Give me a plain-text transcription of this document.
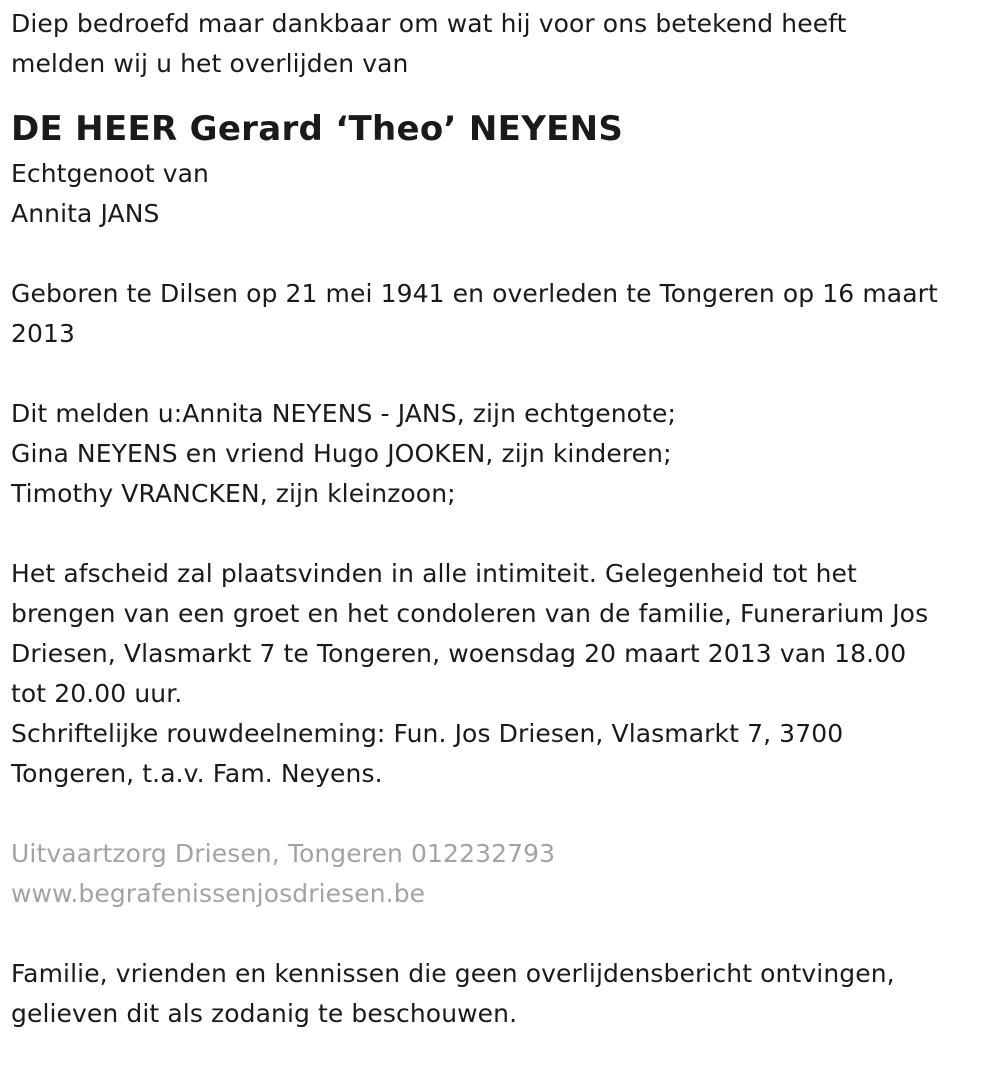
Diep bedroefd maar dankbaar om wat hij voor ons betekend heeft
melden wij u het overlijden van
DE HEER Gerard ‘Theo’ NEYENS
Echtgenoot van
Annita JANS
Geboren te Dilsen op 21 mei 1941 en overleden te Tongeren op 16 maart
2013
Dit melden u:Annita NEYENS - JANS, zijn echtgenote;
Gina NEYENS en vriend Hugo JOOKEN, zijn kinderen;
Timothy VRANCKEN, zijn kleinzoon;
Het afscheid zal plaatsvinden in alle intimiteit. Gelegenheid tot het
brengen van een groet en het condoleren van de familie, Funerarium Jos
Driesen, Vlasmarkt 7 te Tongeren, woensdag 20 maart 2013 van 18.00
tot 20.00 uur.
Schriftelijke rouwdeelneming: Fun. Jos Driesen, Vlasmarkt 7, 3700
Tongeren, t.a.v. Fam. Neyens.
Uitvaartzorg Driesen, Tongeren 012232793
www.begrafenissenjosdriesen.be
Familie, vrienden en kennissen die geen overlijdensbericht ontvingen,
gelieven dit als zodanig te beschouwen.
